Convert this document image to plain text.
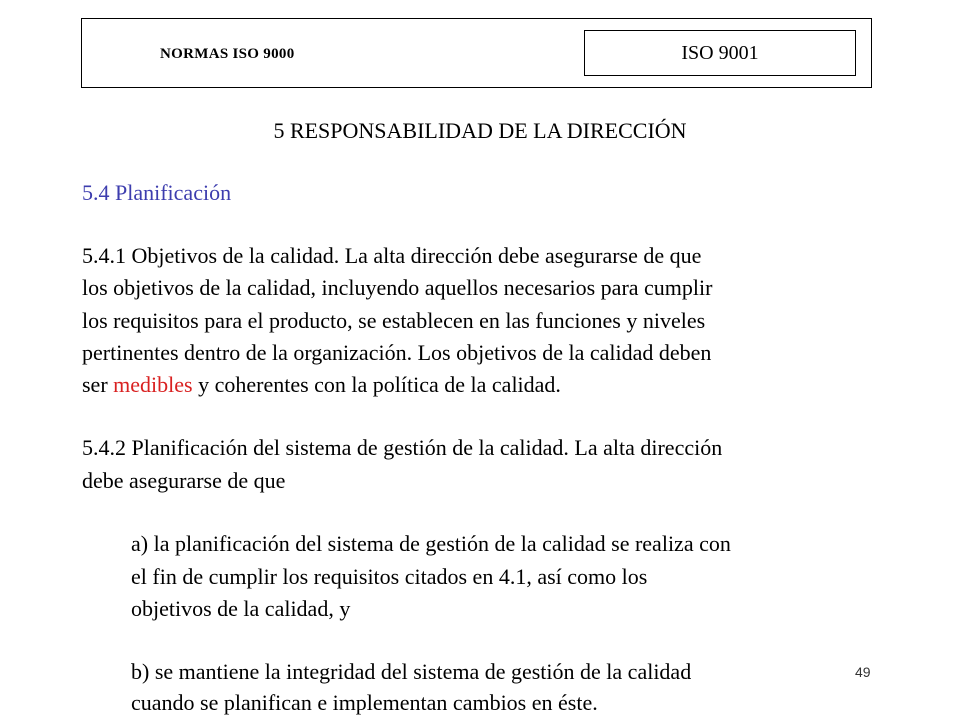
NORMAS ISO 9000	ISO 9001
5 RESPONSABILIDAD DE LA DIRECCIÓN
5.4 Planificación
5.4.1 Objetivos de la calidad. La alta dirección debe asegurarse de que
los objetivos de la calidad, incluyendo aquellos necesarios para cumplir
los requisitos para el producto, se establecen en las funciones y niveles
pertinentes dentro de la organización. Los objetivos de la calidad deben
ser medibles y coherentes con la política de la calidad.
5.4.2 Planificación del sistema de gestión de la calidad. La alta dirección
debe asegurarse de que
a) la planificación del sistema de gestión de la calidad se realiza con
el fin de cumplir los requisitos citados en 4.1, así como los
objetivos de la calidad, y
b) se mantiene la integridad del sistema de gestión de la calidad
cuando se planifican e implementan cambios en éste.
49
